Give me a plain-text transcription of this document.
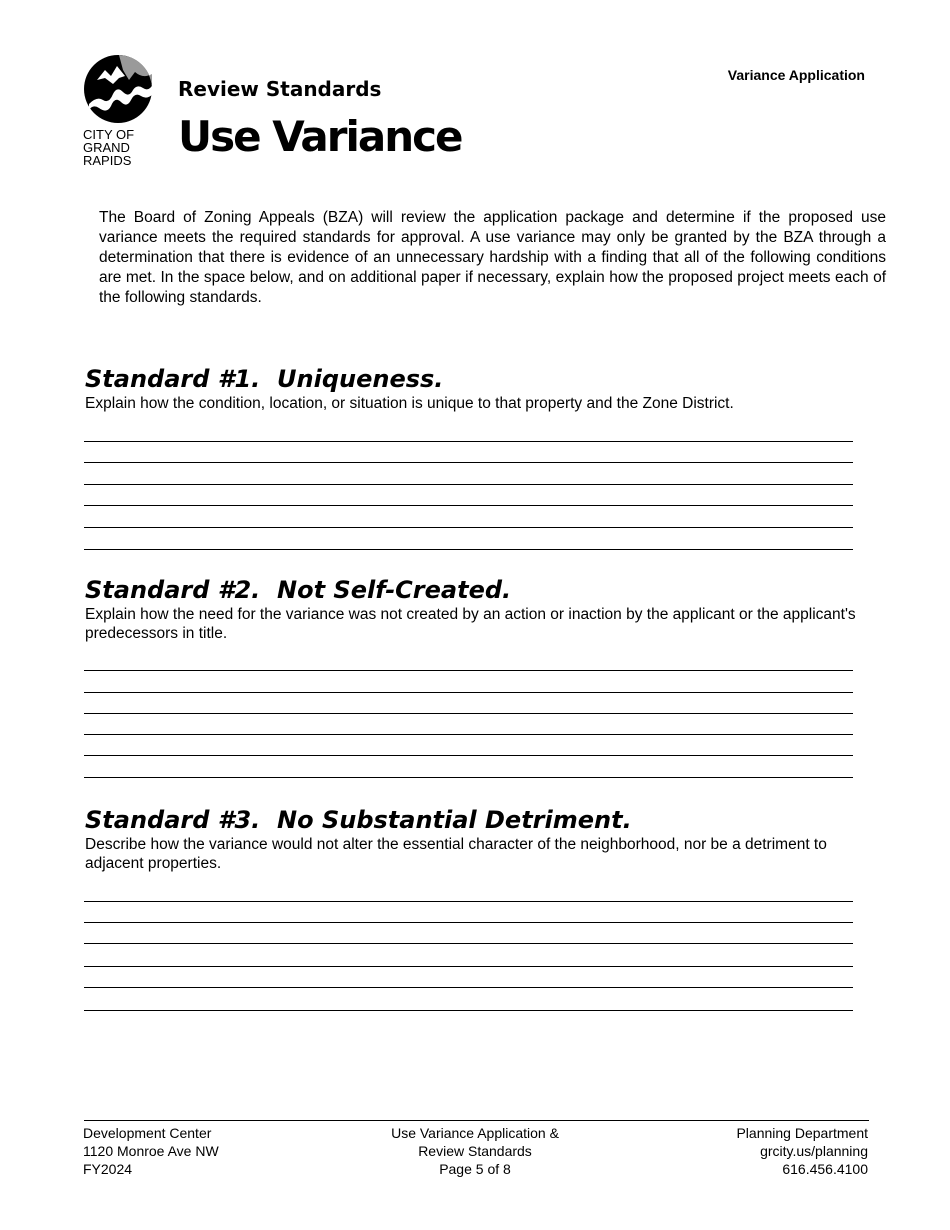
Variance Application
CITY OF
GRAND
RAPIDS
Review Standards
Use Variance
The Board of Zoning Appeals (BZA) will review the application package and determine if the proposed use variance meets the required standards for approval. A use variance may only be granted by the BZA through a determination that there is evidence of an unnecessary hardship with a finding that all of the following conditions are met. In the space below, and on additional paper if necessary, explain how the proposed project meets each of the following standards.
Standard #1.  Uniqueness.
Explain how the condition, location, or situation is unique to that property and the Zone District.
Standard #2.  Not Self-Created.
Explain how the need for the variance was not created by an action or inaction by the applicant or the applicant's predecessors in title.
Standard #3.  No Substantial Detriment.
Describe how the variance would not alter the essential character of the neighborhood, nor be a detriment to adjacent properties.
Development Center
1120 Monroe Ave NW
FY2024
Use Variance Application &
Review Standards
Page 5 of 8
Planning Department
grcity.us/planning
616.456.4100
